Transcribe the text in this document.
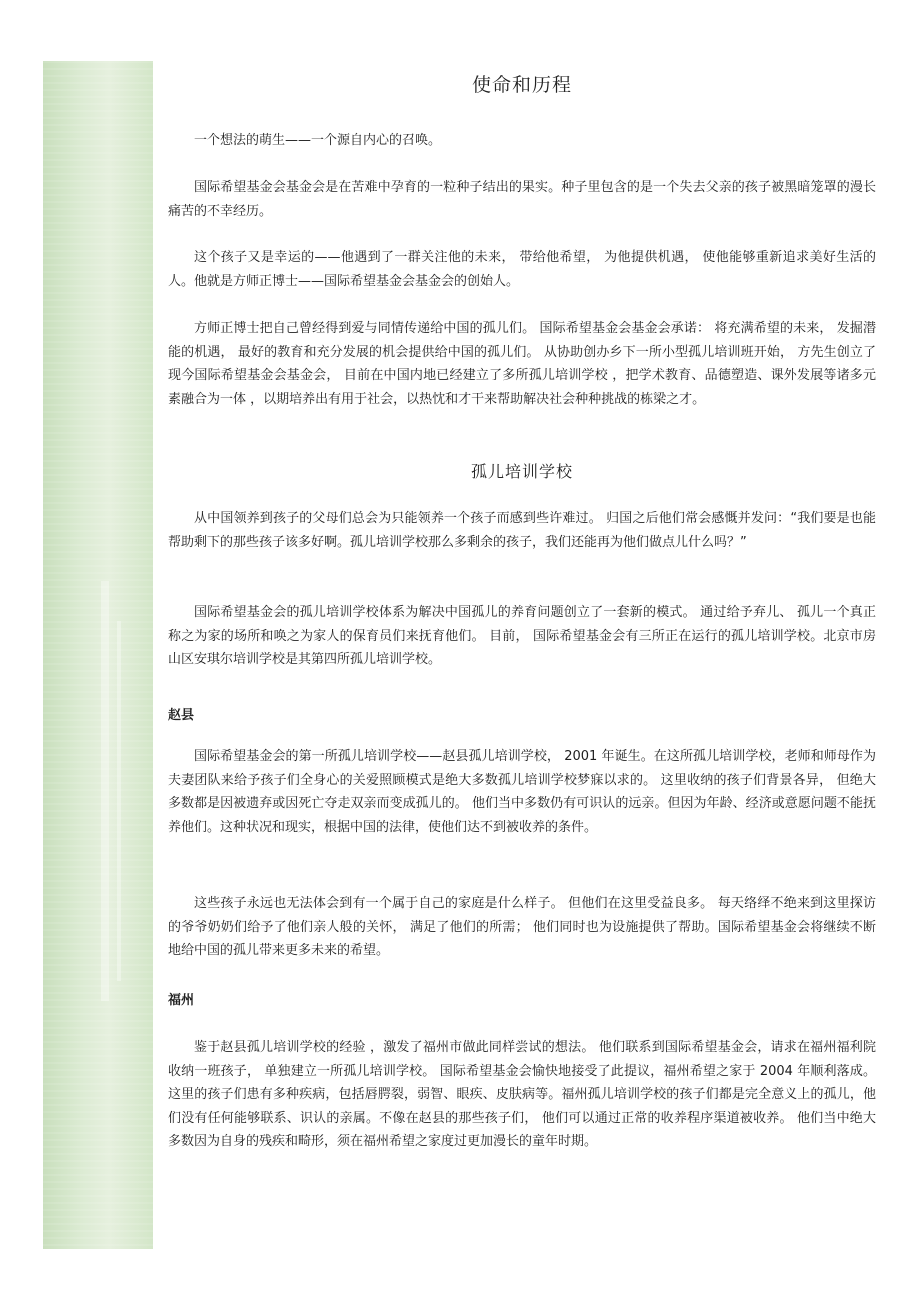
使命和历程

一个想法的萌生——一个源自内心的召唤。

国际希望基金会基金会是在苦难中孕育的一粒种子结出的果实。种子里包含的是一个失去父亲的孩子被黑暗笼罩的漫长痛苦的不幸经历。

这个孩子又是幸运的——他遇到了一群关注他的未来， 带给他希望， 为他提供机遇， 使他能够重新追求美好生活的人。他就是方师正博士——国际希望基金会基金会的创始人。

方师正博士把自己曾经得到爱与同情传递给中国的孤儿们。 国际希望基金会基金会承诺： 将充满希望的未来， 发掘潜能的机遇， 最好的教育和充分发展的机会提供给中国的孤儿们。 从协助创办乡下一所小型孤儿培训班开始， 方先生创立了现今国际希望基金会基金会， 目前在中国内地已经建立了多所孤儿培训学校 ，把学术教育、品德塑造、课外发展等诸多元素融合为一体 ，以期培养出有用于社会，以热忱和才干来帮助解决社会种种挑战的栋梁之才。

孤儿培训学校

从中国领养到孩子的父母们总会为只能领养一个孩子而感到些许难过。 归国之后他们常会感慨并发问：“我们要是也能帮助剩下的那些孩子该多好啊。孤儿培训学校那么多剩余的孩子，我们还能再为他们做点儿什么吗？”

国际希望基金会的孤儿培训学校体系为解决中国孤儿的养育问题创立了一套新的模式。 通过给予弃儿、 孤儿一个真正称之为家的场所和唤之为家人的保育员们来抚育他们。 目前， 国际希望基金会有三所正在运行的孤儿培训学校。北京市房山区安琪尔培训学校是其第四所孤儿培训学校。

赵县

国际希望基金会的第一所孤儿培训学校——赵县孤儿培训学校， 2001 年诞生。在这所孤儿培训学校，老师和师母作为夫妻团队来给予孩子们全身心的关爱照顾模式是绝大多数孤儿培训学校梦寐以求的。 这里收纳的孩子们背景各异， 但绝大多数都是因被遗弃或因死亡夺走双亲而变成孤儿的。 他们当中多数仍有可识认的远亲。但因为年龄、经济或意愿问题不能抚养他们。这种状况和现实，根据中国的法律，使他们达不到被收养的条件。

这些孩子永远也无法体会到有一个属于自己的家庭是什么样子。 但他们在这里受益良多。 每天络绎不绝来到这里探访的爷爷奶奶们给予了他们亲人般的关怀， 满足了他们的所需； 他们同时也为设施提供了帮助。国际希望基金会将继续不断地给中国的孤儿带来更多未来的希望。

福州

鉴于赵县孤儿培训学校的经验 ，激发了福州市做此同样尝试的想法。 他们联系到国际希望基金会，请求在福州福利院收纳一班孩子， 单独建立一所孤儿培训学校。 国际希望基金会愉快地接受了此提议，福州希望之家于 2004 年顺利落成。这里的孩子们患有多种疾病，包括唇腭裂，弱智、眼疾、皮肤病等。福州孤儿培训学校的孩子们都是完全意义上的孤儿，他们没有任何能够联系、识认的亲属。不像在赵县的那些孩子们， 他们可以通过正常的收养程序渠道被收养。 他们当中绝大多数因为自身的残疾和畸形，须在福州希望之家度过更加漫长的童年时期。
